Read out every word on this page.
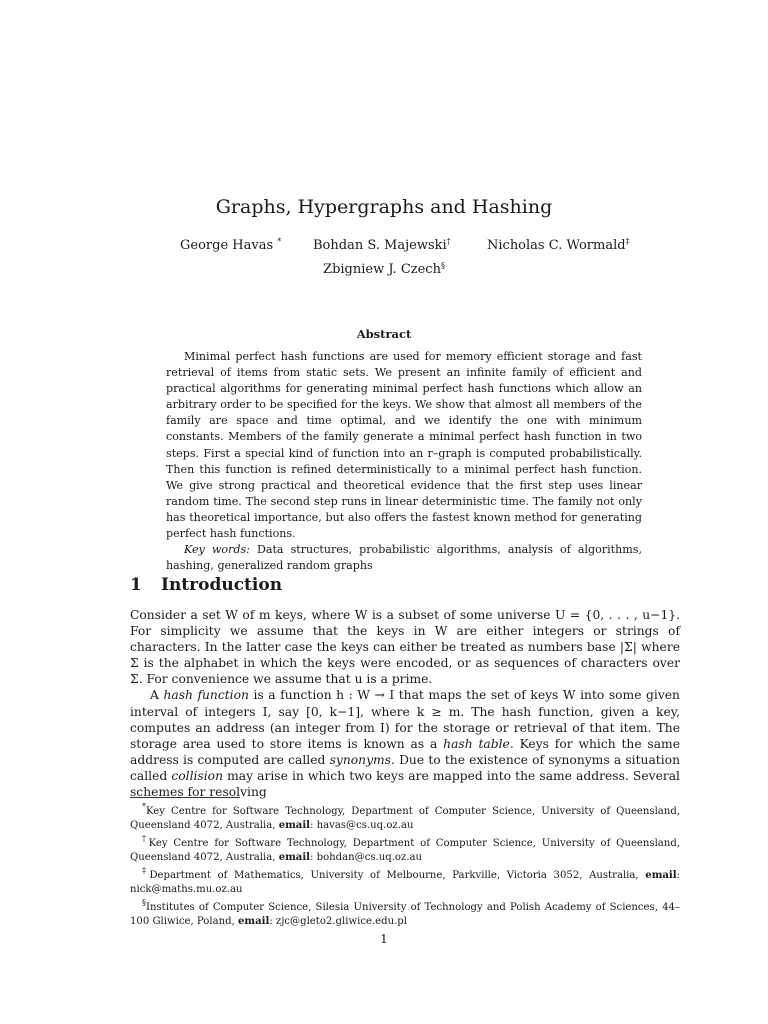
Graphs, Hypergraphs and Hashing
George Havas * Bohdan S. Majewski†	Nicholas C. Wormald‡
Zbigniew J. Czech§
Abstract

Minimal perfect hash functions are used for memory efficient storage and fast retrieval of items from static sets. We present an infinite family of efficient and practical algorithms for generating minimal perfect hash functions which allow an arbitrary order to be specified for the keys. We show that almost all members of the family are space and time optimal, and we identify the one with minimum constants. Members of the family generate a minimal perfect hash function in two steps. First a special kind of function into an r–graph is computed probabilistically. Then this function is refined deterministically to a minimal perfect hash function. We give strong practical and theoretical evidence that the first step uses linear random time. The second step runs in linear deterministic time. The family not only has theoretical importance, but also offers the fastest known method for generating perfect hash functions.

Key words: Data structures, probabilistic algorithms, analysis of algorithms, hashing, generalized random graphs

1 Introduction

Consider a set W of m keys, where W is a subset of some universe U = {0, . . . , u−1}. For simplicity we assume that the keys in W are either integers or strings of characters. In the latter case the keys can either be treated as numbers base |Σ| where Σ is the alphabet in which the keys were encoded, or as sequences of characters over Σ. For convenience we assume that u is a prime.

A hash function is a function h : W → I that maps the set of keys W into some given interval of integers I, say [0, k−1], where k ≥ m. The hash function, given a key, computes an address (an integer from I) for the storage or retrieval of that item. The storage area used to store items is known as a hash table. Keys for which the same address is computed are called synonyms. Due to the existence of synonyms a situation called collision may arise in which two keys are mapped into the same address. Several schemes for resolving

*Key Centre for Software Technology, Department of Computer Science, University of Queensland, Queensland 4072, Australia, email: havas@cs.uq.oz.au

†Key Centre for Software Technology, Department of Computer Science, University of Queensland, Queensland 4072, Australia, email: bohdan@cs.uq.oz.au

‡Department of Mathematics, University of Melbourne, Parkville, Victoria 3052, Australia, email: nick@maths.mu.oz.au

§Institutes of Computer Science, Silesia University of Technology and Polish Academy of Sciences, 44–100 Gliwice, Poland, email: zjc@gleto2.gliwice.edu.pl

1
